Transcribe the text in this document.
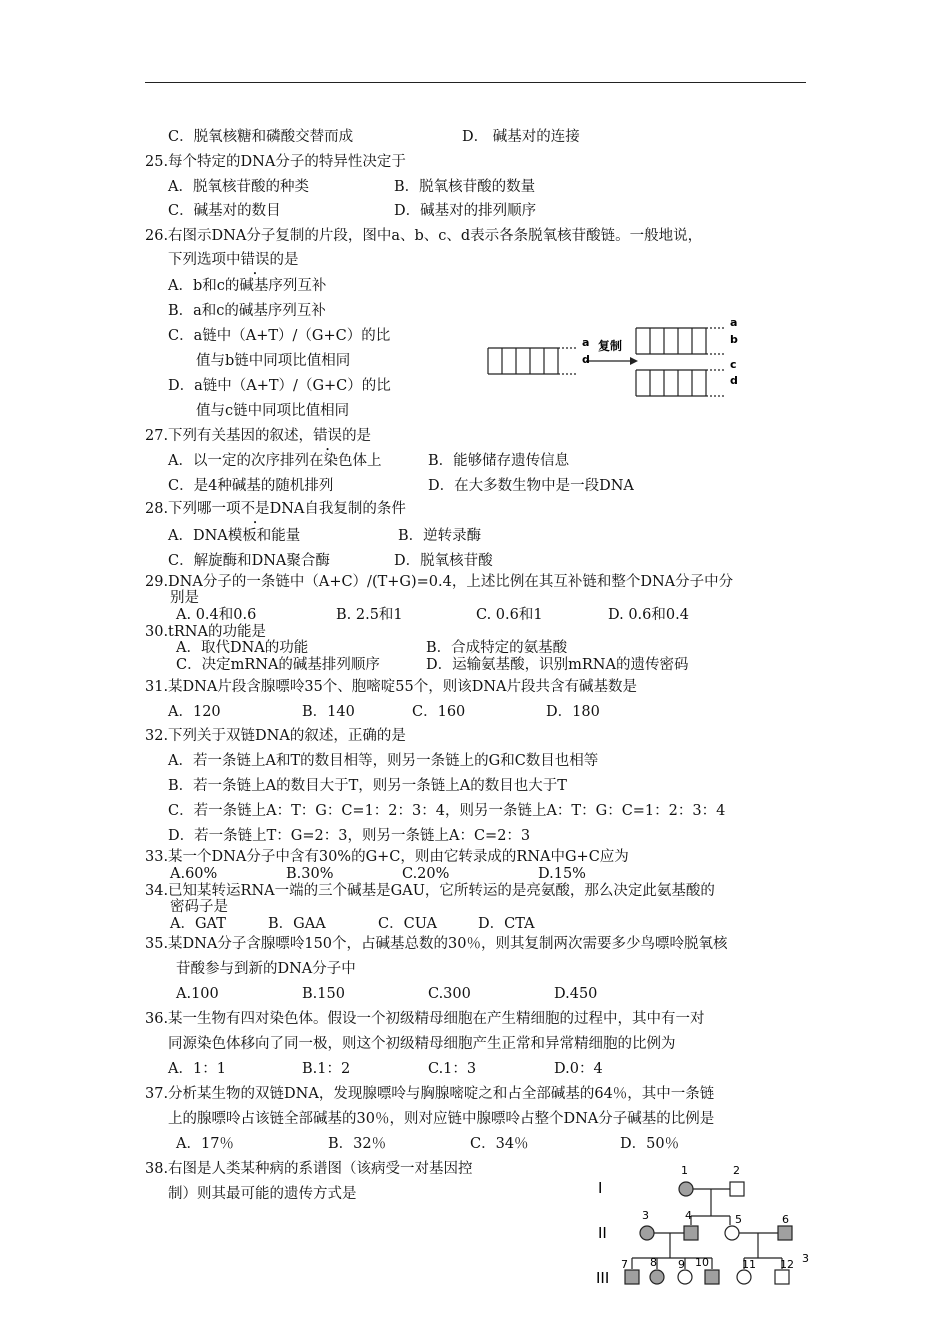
C．脱氧核糖和磷酸交替而成	D． 碱基对的连接
25.每个特定的DNA分子的特异性决定于
A．脱氧核苷酸的种类	B．脱氧核苷酸的数量
C．碱基对的数目	D．碱基对的排列顺序
26.右图示DNA分子复制的片段，图中a、b、c、d表示各条脱氧核苷酸链。一般地说，
下列选项中错误的是
A．b和c的碱基序列互补
B．a和c的碱基序列互补
C．a链中（A+T）/（G+C）的比
值与b链中同项比值相同
D．a链中（A+T）/（G+C）的比
值与c链中同项比值相同
a
d
复制
a
b
c
d
27.下列有关基因的叙述，错误的是
A．以一定的次序排列在染色体上	B．能够储存遗传信息
C．是4种碱基的随机排列	D．在大多数生物中是一段DNA
28.下列哪一项不是DNA自我复制的条件
A．DNA模板和能量	B．逆转录酶
C．解旋酶和DNA聚合酶	D．脱氧核苷酸
29.DNA分子的一条链中（A+C）/(T+G)=0.4，上述比例在其互补链和整个DNA分子中分
别是
A. 0.4和0.6	B. 2.5和1	C. 0.6和1	D. 0.6和0.4
30.tRNA的功能是
A．取代DNA的功能	B．合成特定的氨基酸
C．决定mRNA的碱基排列顺序	D．运输氨基酸，识别mRNA的遗传密码
31.某DNA片段含腺嘌呤35个、胞嘧啶55个，则该DNA片段共含有碱基数是
A．120	B．140	C．160	D．180
32.下列关于双链DNA的叙述，正确的是
A．若一条链上A和T的数目相等，则另一条链上的G和C数目也相等
B．若一条链上A的数目大于T，则另一条链上A的数目也大于T
C．若一条链上A：T：G：C=1：2：3：4，则另一条链上A：T：G：C=1：2：3：4
D．若一条链上T：G=2：3，则另一条链上A：C=2：3
33.某一个DNA分子中含有30%的G+C，则由它转录成的RNA中G+C应为
A.60%	B.30%	C.20%	D.15%
34.已知某转运RNA一端的三个碱基是GAU，它所转运的是亮氨酸，那么决定此氨基酸的
密码子是
A．GAT	B．GAA	C．CUA	D．CTA
35.某DNA分子含腺嘌呤150个，占碱基总数的30％，则其复制两次需要多少鸟嘌呤脱氧核
苷酸参与到新的DNA分子中
A.100	B.150	C.300	D.450
36.某一生物有四对染色体。假设一个初级精母细胞在产生精细胞的过程中，其中有一对
同源染色体移向了同一极，则这个初级精母细胞产生正常和异常精细胞的比例为
A．1：1	B.1：2	C.1：3	D.0：4
37.分析某生物的双链DNA，发现腺嘌呤与胸腺嘧啶之和占全部碱基的64％，其中一条链
上的腺嘌呤占该链全部碱基的30％，则对应链中腺嘌呤占整个DNA分子碱基的比例是
A．17％	B．32％	C．34％	D．50％
38.右图是人类某种病的系谱图（该病受一对基因控
制）则其最可能的遗传方式是	I
II
III
1	2
3	4	5	6
7 8 9 10	11 12 3
